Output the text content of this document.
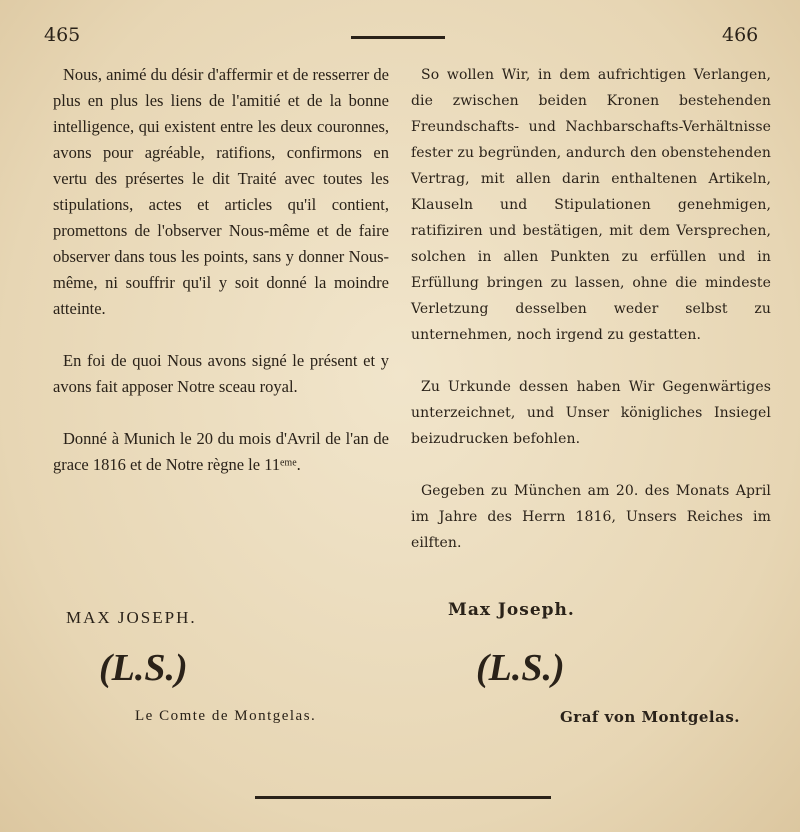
465	466

Nous, animé du désir d'affermir et de resserrer de plus en plus les liens de l'amitié et de la bonne intelligence, qui existent entre les deux couronnes, avons pour agréable, ratifions, confirmons en vertu des présertes le dit Traité avec toutes les stipulations, actes et articles qu'il contient, promettons de l'observer Nous-même et de faire observer dans tous les points, sans y donner Nous-même, ni souffrir qu'il y soit donné la moindre atteinte.

En foi de quoi Nous avons signé le présent et y avons fait apposer Notre sceau royal.

Donné à Munich le 20 du mois d'Avril de l'an de grace 1816 et de Notre règne le 11ᵉᵐᵉ.

So wollen Wir, in dem aufrichtigen Verlangen, die zwischen beiden Kronen bestehenden Freundschafts- und Nachbarschafts-Verhältnisse fester zu begründen, andurch den obenstehenden Vertrag, mit allen darin enthaltenen Artikeln, Klauseln und Stipulationen genehmigen, ratifiziren und bestätigen, mit dem Versprechen, solchen in allen Punkten zu erfüllen und in Erfüllung bringen zu lassen, ohne die mindeste Verletzung desselben weder selbst zu unternehmen, noch irgend zu gestatten.

Zu Urkunde dessen haben Wir Gegenwärtiges unterzeichnet, und Unser königliches Insiegel beizudrucken befohlen.

Gegeben zu München am 20. des Monats April im Jahre des Herrn 1816, Unsers Reiches im eilften.

MAX JOSEPH.	Max Joseph.
(L.S.)	(L.S.)
Le Comte de Montgelas.	Graf von Montgelas.
